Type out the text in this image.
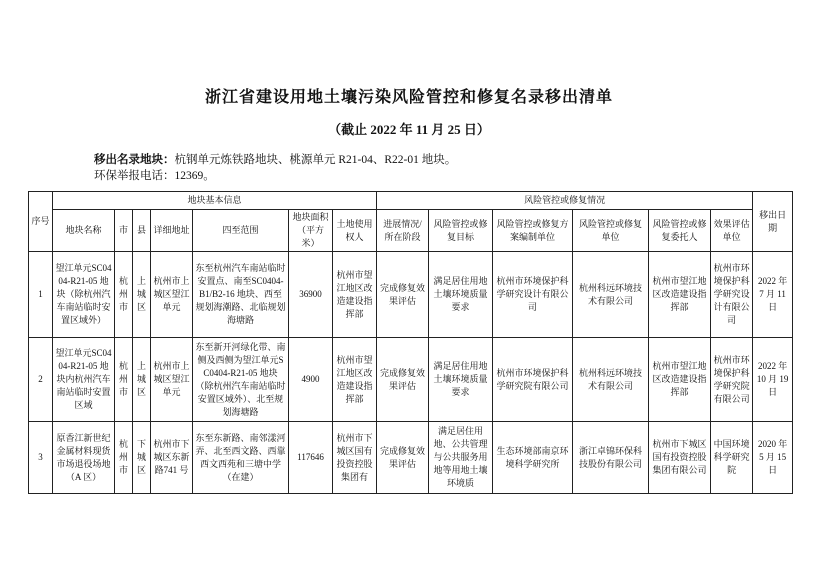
浙江省建设用地土壤污染风险管控和修复名录移出清单
（截止 2022 年 11 月 25 日）
移出名录地块：杭钢单元炼铁路地块、桃源单元 R21-04、R22-01 地块。
环保举报电话：12369。
序号	地块基本信息							风险管控或修复情况						移出日期
	地块名称	市	县	详细地址	四至范围	地块面积（平方米）	土地使用权人	进展情况/所在阶段	风险管控或修复目标	风险管控或修复方案编制单位	风险管控或修复单位	风险管控或修复委托人	效果评估单位	
1	望江单元SC0404-R21-05 地块（除杭州汽车南站临时安置区域外）	杭州市	上城区	杭州市上城区望江单元	东至杭州汽车南站临时安置点、南至SC0404-B1/B2-16 地块、西至规划海潮路、北临规划海塘路	36900	杭州市望江地区改造建设指挥部	完成修复效果评估	满足居住用地土壤环境质量要求	杭州市环境保护科学研究设计有限公司	杭州科远环境技术有限公司	杭州市望江地区改造建设指挥部	杭州市环境保护科学研究设计有限公司	2022 年 7 月 11 日
2	望江单元SC0404-R21-05 地块内杭州汽车南站临时安置区域	杭州市	上城区	杭州市上城区望江单元	东至新开河绿化带、南侧及西侧为望江单元SC0404-R21-05 地块（除杭州汽车南站临时安置区域外）、北至规划海塘路	4900	杭州市望江地区改造建设指挥部	完成修复效果评估	满足居住用地土壤环境质量要求	杭州市环境保护科学研究院有限公司	杭州科远环境技术有限公司	杭州市望江地区改造建设指挥部	杭州市环境保护科学研究院有限公司	2022 年 10 月 19 日
3	原香江新世纪金属材料现货市场退役场地（A 区）	杭州市	下城区	杭州市下城区东新路741 号	东至东新路、南邻漾河弄、北至西文路、西靠西文西苑和三塘中学（在建）	117646	杭州市下城区国有投资控股集团有	完成修复效果评估	满足居住用地、公共管理与公共服务用地等用地土壤环境质	生态环境部南京环境科学研究所	浙江卓锦环保科技股份有限公司	杭州市下城区国有投资控股集团有限公司	中国环境科学研究院	2020 年 5 月 15 日
